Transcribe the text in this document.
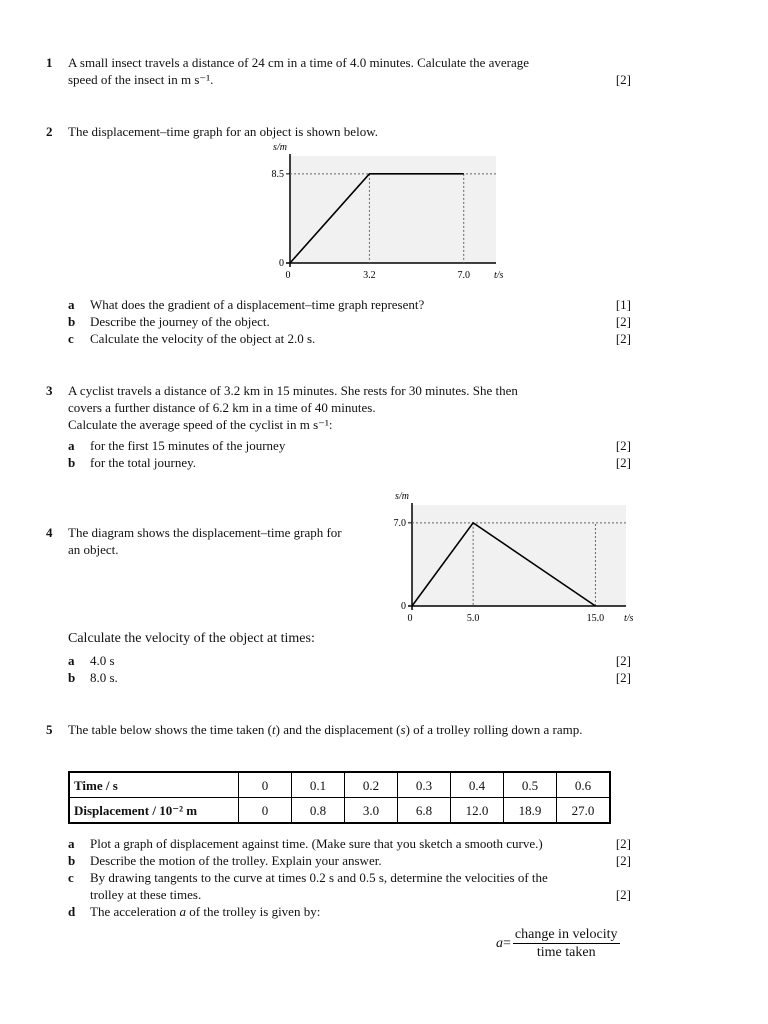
1 A small insect travels a distance of 24 cm in a time of 4.0 minutes. Calculate the average
speed of the insect in m s⁻¹.	[2]
2 The displacement–time graph for an object is shown below.
0
8.5
0	3.2	7.0
s/m
t/s
a What does the gradient of a displacement–time graph represent?	[1]
b Describe the journey of the object.	[2]
c Calculate the velocity of the object at 2.0 s.	[2]
3 A cyclist travels a distance of 3.2 km in 15 minutes. She rests for 30 minutes. She then
covers a further distance of 6.2 km in a time of 40 minutes.
Calculate the average speed of the cyclist in m s⁻¹:
a for the first 15 minutes of the journey	[2]
b for the total journey.	[2]
4 The diagram shows the displacement–time graph for
an object.
0
7.0
0	5.0	15.0
s/m
t/s
Calculate the velocity of the object at times:
a 4.0 s	[2]
b 8.0 s.	[2]
5 The table below shows the time taken (t) and the displacement (s) of a trolley rolling down a ramp.
Time / s	0	0.1	0.2	0.3	0.4	0.5	0.6
Displacement / 10⁻² m	0	0.8	3.0	6.8	12.0	18.9	27.0
a Plot a graph of displacement against time. (Make sure that you sketch a smooth curve.)	[2]
b Describe the motion of the trolley. Explain your answer.	[2]
c By drawing tangents to the curve at times 0.2 s and 0.5 s, determine the velocities of the
trolley at these times.	[2]
d The acceleration a of the trolley is given by:
$a = \frac{\text{change in velocity}}{\text{time taken}}$
